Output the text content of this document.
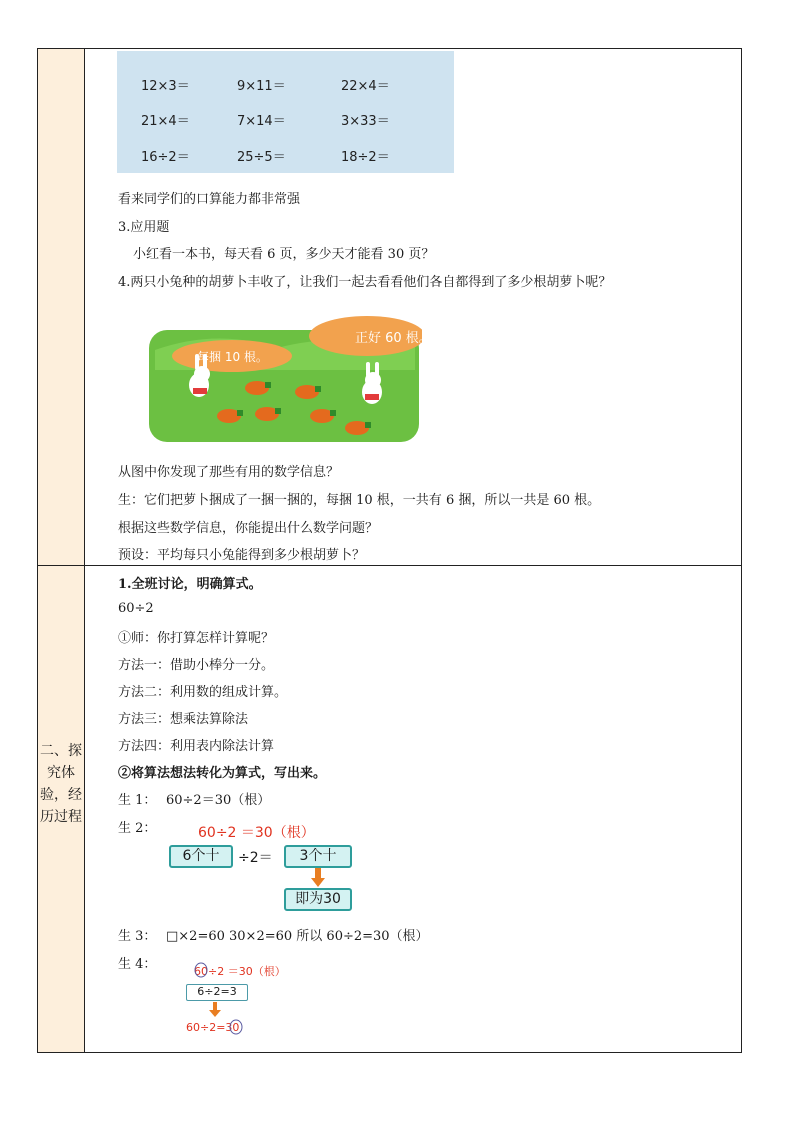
二、探究体验，经历过程
12×3＝	9×11＝	22×4＝
21×4＝	7×14＝	3×33＝
16÷2＝	25÷5＝	18÷2＝
看来同学们的口算能力都非常强
3.应用题
小红看一本书，每天看 6 页，多少天才能看 30 页？
4.两只小兔种的胡萝卜丰收了，让我们一起去看看他们各自都得到了多少根胡萝卜呢？
每捆 10 根。
正好 60 根。
从图中你发现了那些有用的数学信息？
生：它们把萝卜捆成了一捆一捆的，每捆 10 根，一共有 6 捆，所以一共是 60 根。
根据这些数学信息，你能提出什么数学问题？
预设：平均每只小兔能得到多少根胡萝卜？
1.全班讨论，明确算式。
60÷2
①师：你打算怎样计算呢？
方法一：借助小棒分一分。
方法二：利用数的组成计算。
方法三：想乘法算除法
方法四：利用表内除法计算
②将算法想法转化为算式，写出来。
生 1： 60÷2＝30（根）
生 2：	60÷2 ＝30（根）
6个十	÷2＝	3个十
即为30
生 3： □×2=60 30×2=60 所以 60÷2=30（根）
生 4：	60÷2 ＝30（根）
6÷2=3
60÷2=30
